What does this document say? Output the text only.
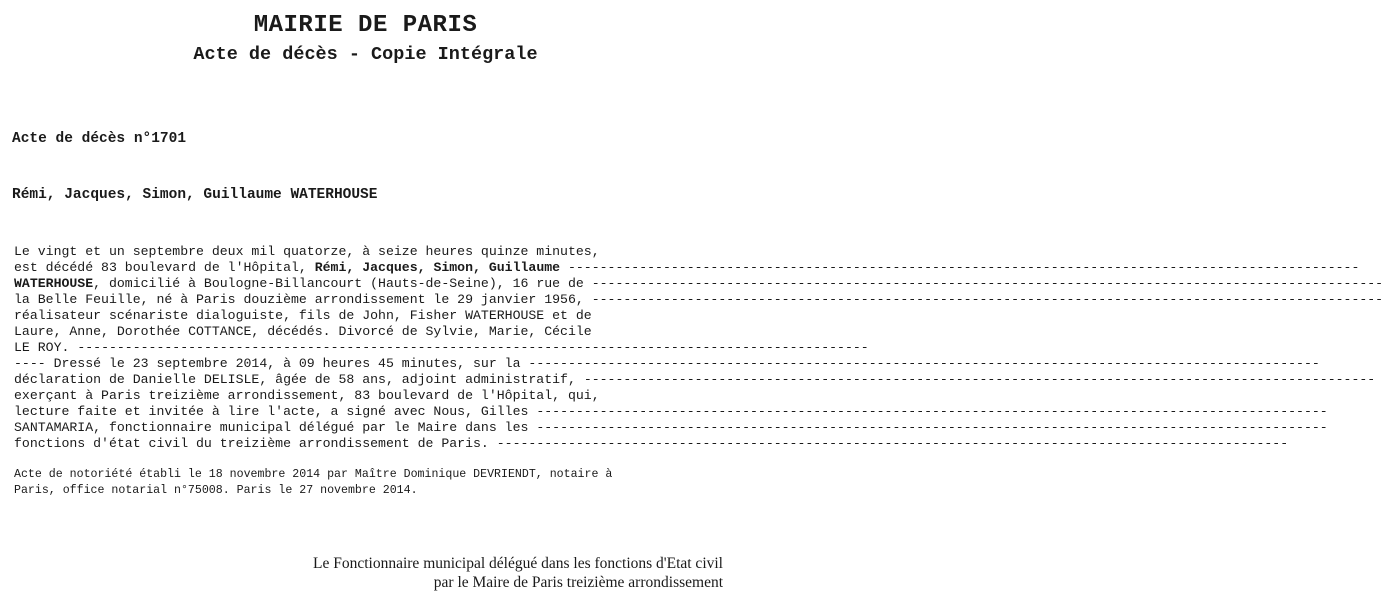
MAIRIE DE PARIS
Acte de décès - Copie Intégrale
Acte de décès n°1701
Rémi, Jacques, Simon, Guillaume WATERHOUSE
Le vingt et un septembre deux mil quatorze, à seize heures quinze minutes,
est décédé 83 boulevard de l'Hôpital, Rémi, Jacques, Simon, Guillaume
----------------------------------------------------------------------------------------------------
WATERHOUSE , domicilié à Boulogne-Billancourt (Hauts-de-Seine), 16 rue de
----------------------------------------------------------------------------------------------------
la Belle Feuille, né à Paris douzième arrondissement le 29 janvier 1956,
----------------------------------------------------------------------------------------------------
réalisateur scénariste dialoguiste, fils de John, Fisher WATERHOUSE et de
Laure, Anne, Dorothée COTTANCE, décédés. Divorcé de Sylvie, Marie, Cécile
LE ROY.
----------------------------------------------------------------------------------------------------
---- Dressé le 23 septembre 2014, à 09 heures 45 minutes, sur la
----------------------------------------------------------------------------------------------------
déclaration de Danielle DELISLE, âgée de 58 ans, adjoint administratif,
----------------------------------------------------------------------------------------------------
exerçant à Paris treizième arrondissement, 83 boulevard de l'Hôpital, qui,
lecture faite et invitée à lire l'acte, a signé avec Nous, Gilles
----------------------------------------------------------------------------------------------------
SANTAMARIA, fonctionnaire municipal délégué par le Maire dans les
----------------------------------------------------------------------------------------------------
fonctions d'état civil du treizième arrondissement de Paris.
----------------------------------------------------------------------------------------------------
Acte de notoriété établi le 18 novembre 2014 par Maître Dominique DEVRIENDT, notaire à
Paris, office notarial n°75008. Paris le 27 novembre 2014.
Le Fonctionnaire municipal délégué dans les fonctions d'Etat civil
par le Maire de Paris treizième arrondissement
